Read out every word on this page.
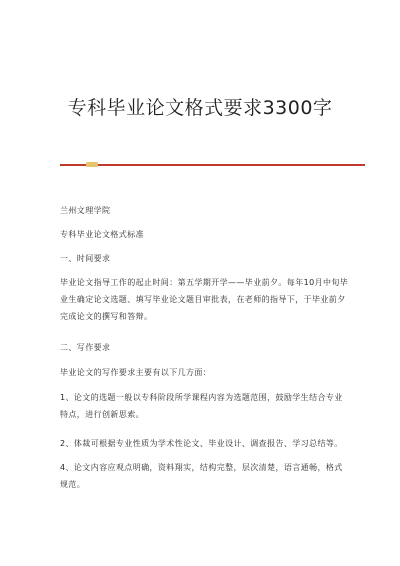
专科毕业论文格式要求3300字
兰州文理学院
专科毕业论文格式标准
一、时间要求
毕业论文指导工作的起止时间：第五学期开学——毕业前夕。每年10月中旬毕业生确定论文选题、填写毕业论文题目审批表，在老师的指导下，于毕业前夕完成论文的撰写和答辩。
二、写作要求
毕业论文的写作要求主要有以下几方面：
1、论文的选题一般以专科阶段所学课程内容为选题范围，鼓励学生结合专业特点，进行创新思索。
2、体裁可根据专业性质为学术性论文、毕业设计、调查报告、学习总结等。
4、论文内容应观点明确，资料翔实，结构完整，层次清楚，语言通畅，格式规范。
